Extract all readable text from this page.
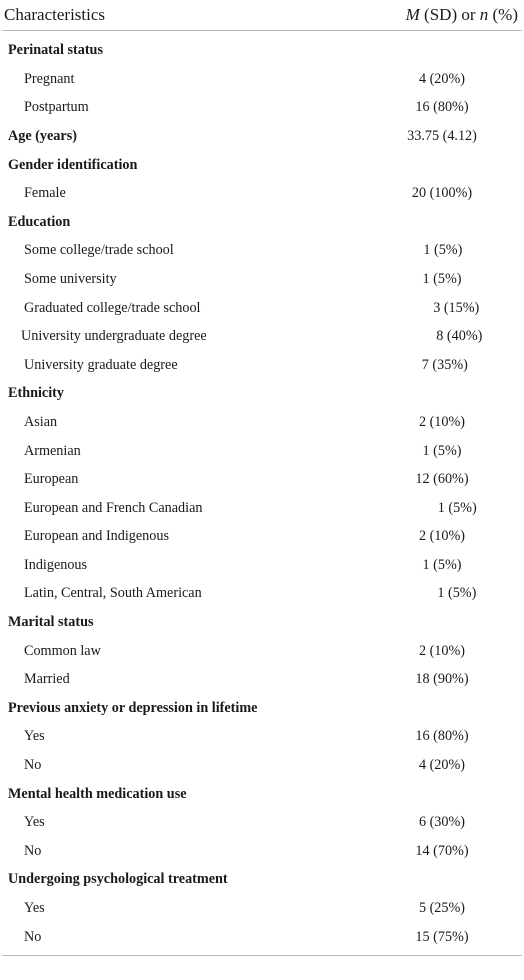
Characteristics	M (SD) or n (%)
Perinatal status
Pregnant	4 (20%)
Postpartum	16 (80%)
Age (years)	33.75 (4.12)
Gender identification
Female	20 (100%)
Education
Some college/trade school	1 (5%)
Some university	1 (5%)
Graduated college/trade school	3 (15%)
University undergraduate degree	8 (40%)
University graduate degree	7 (35%)
Ethnicity
Asian	2 (10%)
Armenian	1 (5%)
European	12 (60%)
European and French Canadian	1 (5%)
European and Indigenous	2 (10%)
Indigenous	1 (5%)
Latin, Central, South American	1 (5%)
Marital status
Common law	2 (10%)
Married	18 (90%)
Previous anxiety or depression in lifetime
Yes	16 (80%)
No	4 (20%)
Mental health medication use
Yes	6 (30%)
No	14 (70%)
Undergoing psychological treatment
Yes	5 (25%)
No	15 (75%)
